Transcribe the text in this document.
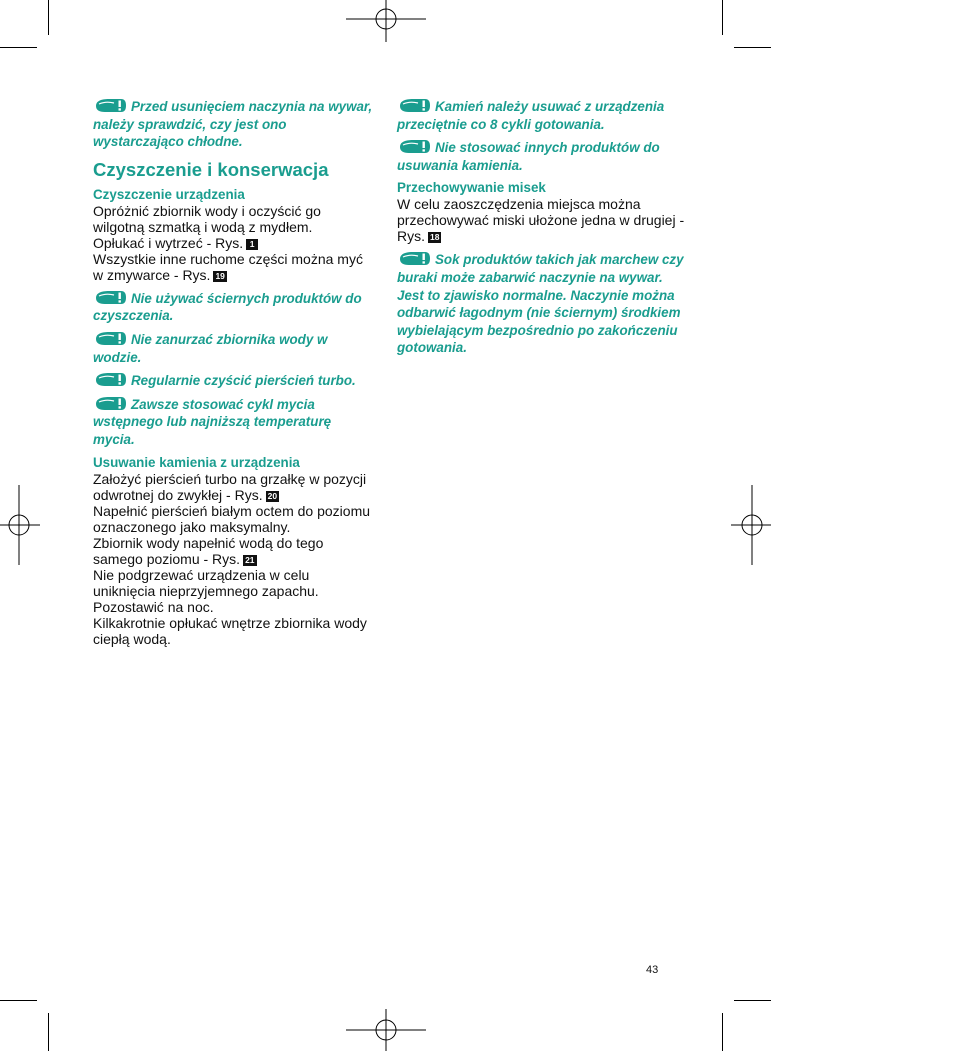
Przed usunięciem naczynia na wywar, należy sprawdzić, czy jest ono wystarczająco chłodne.
Czyszczenie i konserwacja
Czyszczenie urządzenia

Opróżnić zbiornik wody i oczyścić go wilgotną szmatką i wodą z mydłem.

Opłukać i wytrzeć - Rys. 1

Wszystkie inne ruchome części można myć w zmywarce - Rys. 19

Nie używać ściernych produktów do czyszczenia.
Nie zanurzać zbiornika wody w wodzie.
Regularnie czyścić pierścień turbo.
Zawsze stosować cykl mycia wstępnego lub najniższą temperaturę mycia.
Usuwanie kamienia z urządzenia

Założyć pierścień turbo na grzałkę w pozycji odwrotnej do zwykłej - Rys. 20

Napełnić pierścień białym octem do poziomu oznaczonego jako maksymalny.

Zbiornik wody napełnić wodą do tego samego poziomu - Rys. 21

Nie podgrzewać urządzenia w celu uniknięcia nieprzyjemnego zapachu.

Pozostawić na noc.

Kilkakrotnie opłukać wnętrze zbiornika wody ciepłą wodą.

Kamień należy usuwać z urządzenia przeciętnie co 8 cykli gotowania.
Nie stosować innych produktów do usuwania kamienia.
Przechowywanie misek

W celu zaoszczędzenia miejsca można przechowywać miski ułożone jedna w drugiej - Rys. 18

Sok produktów takich jak marchew czy buraki może zabarwić naczynie na wywar. Jest to zjawisko normalne. Naczynie można odbarwić łagodnym (nie ściernym) środkiem wybielającym bezpośrednio po zakończeniu gotowania.
43
